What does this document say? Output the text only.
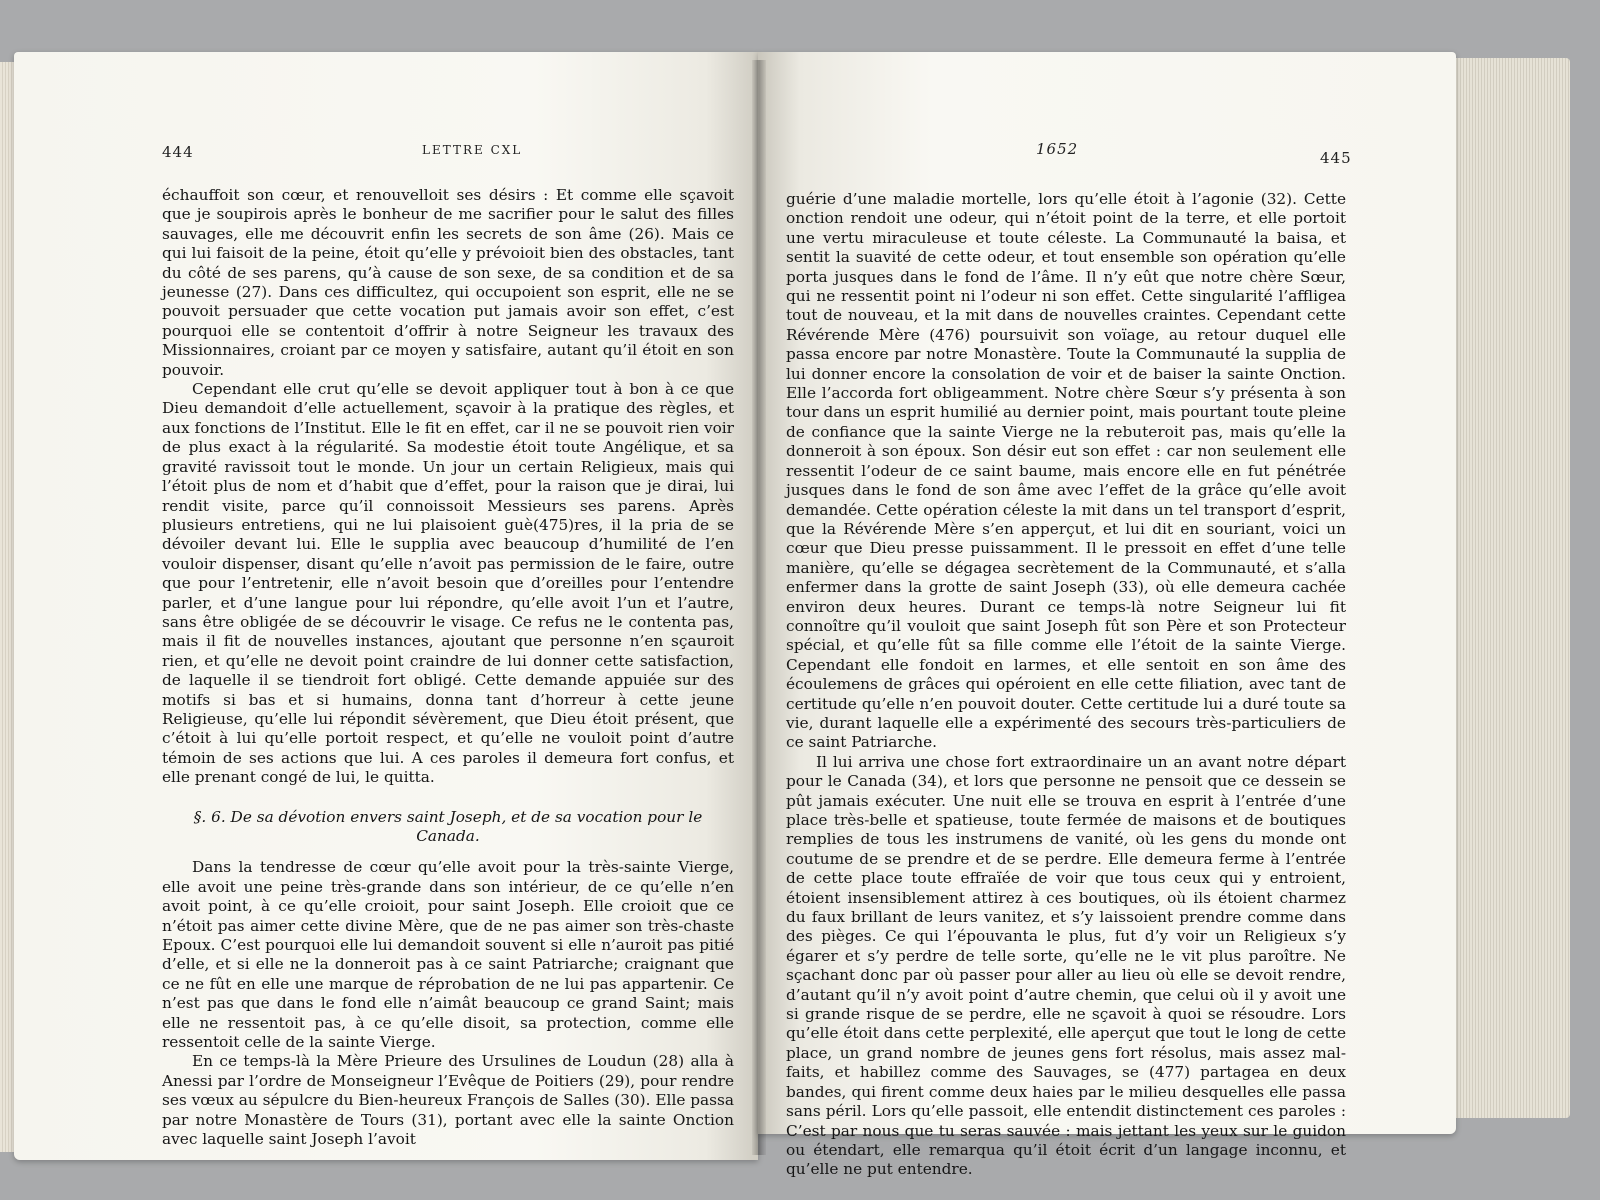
444	LETTRE CXL	1652	445

échauffoit son cœur, et renouvelloit ses désirs : Et comme elle sçavoit que je soupirois après le bonheur de me sacrifier pour le salut des filles sauvages, elle me découvrit enfin les secrets de son âme (26). Mais ce qui lui faisoit de la peine, étoit qu’elle y prévoioit bien des obstacles, tant du côté de ses parens, qu’à cause de son sexe, de sa condition et de sa jeunesse (27). Dans ces difficultez, qui occupoient son esprit, elle ne se pouvoit persuader que cette vocation put jamais avoir son effet, c’est pourquoi elle se contentoit d’offrir à notre Seigneur les travaux des Missionnaires, croiant par ce moyen y satisfaire, autant qu’il étoit en son pouvoir.

Cependant elle crut qu’elle se devoit appliquer tout à bon à ce que Dieu demandoit d’elle actuellement, sçavoir à la pratique des règles, et aux fonctions de l’Institut. Elle le fit en effet, car il ne se pouvoit rien voir de plus exact à la régularité. Sa modestie étoit toute Angélique, et sa gravité ravissoit tout le monde. Un jour un certain Religieux, mais qui l’étoit plus de nom et d’habit que d’effet, pour la raison que je dirai, lui rendit visite, parce qu’il connoissoit Messieurs ses parens. Après plusieurs entretiens, qui ne lui plaisoient guè(475)res, il la pria de se dévoiler devant lui. Elle le supplia avec beaucoup d’humilité de l’en vouloir dispenser, disant qu’elle n’avoit pas permission de le faire, outre que pour l’entretenir, elle n’avoit besoin que d’oreilles pour l’entendre parler, et d’une langue pour lui répondre, qu’elle avoit l’un et l’autre, sans être obligée de se découvrir le visage. Ce refus ne le contenta pas, mais il fit de nouvelles instances, ajoutant que personne n’en sçauroit rien, et qu’elle ne devoit point craindre de lui donner cette satisfaction, de laquelle il se tiendroit fort obligé. Cette demande appuiée sur des motifs si bas et si humains, donna tant d’horreur à cette jeune Religieuse, qu’elle lui répondit sévèrement, que Dieu étoit présent, que c’étoit à lui qu’elle portoit respect, et qu’elle ne vouloit point d’autre témoin de ses actions que lui. A ces paroles il demeura fort confus, et elle prenant congé de lui, le quitta.

§. 6. De sa dévotion envers saint Joseph, et de sa vocation pour le Canada.

Dans la tendresse de cœur qu’elle avoit pour la très-sainte Vierge, elle avoit une peine très-grande dans son intérieur, de ce qu’elle n’en avoit point, à ce qu’elle croioit, pour saint Joseph. Elle croioit que ce n’étoit pas aimer cette divine Mère, que de ne pas aimer son très-chaste Epoux. C’est pourquoi elle lui demandoit souvent si elle n’auroit pas pitié d’elle, et si elle ne la donneroit pas à ce saint Patriarche; craignant que ce ne fût en elle une marque de réprobation de ne lui pas appartenir. Ce n’est pas que dans le fond elle n’aimât beaucoup ce grand Saint; mais elle ne ressentoit pas, à ce qu’elle disoit, sa protection, comme elle ressentoit celle de la sainte Vierge.

En ce temps-là la Mère Prieure des Ursulines de Loudun (28) alla à Anessi par l’ordre de Monseigneur l’Evêque de Poitiers (29), pour rendre ses vœux au sépulcre du Bien-heureux François de Salles (30). Elle passa par notre Monastère de Tours (31), portant avec elle la sainte Onction avec laquelle saint Joseph l’avoit

guérie d’une maladie mortelle, lors qu’elle étoit à l’agonie (32). Cette onction rendoit une odeur, qui n’étoit point de la terre, et elle portoit une vertu miraculeuse et toute céleste. La Communauté la baisa, et sentit la suavité de cette odeur, et tout ensemble son opération qu’elle porta jusques dans le fond de l’âme. Il n’y eût que notre chère Sœur, qui ne ressentit point ni l’odeur ni son effet. Cette singularité l’affligea tout de nouveau, et la mit dans de nouvelles craintes. Cependant cette Révérende Mère (476) poursuivit son voïage, au retour duquel elle passa encore par notre Monastère. Toute la Communauté la supplia de lui donner encore la consolation de voir et de baiser la sainte Onction. Elle l’accorda fort obligeamment. Notre chère Sœur s’y présenta à son tour dans un esprit humilié au dernier point, mais pourtant toute pleine de confiance que la sainte Vierge ne la rebuteroit pas, mais qu’elle la donneroit à son époux. Son désir eut son effet : car non seulement elle ressentit l’odeur de ce saint baume, mais encore elle en fut pénétrée jusques dans le fond de son âme avec l’effet de la grâce qu’elle avoit demandée. Cette opération céleste la mit dans un tel transport d’esprit, que la Révérende Mère s’en apperçut, et lui dit en souriant, voici un cœur que Dieu presse puissamment. Il le pressoit en effet d’une telle manière, qu’elle se dégagea secrètement de la Communauté, et s’alla enfermer dans la grotte de saint Joseph (33), où elle demeura cachée environ deux heures. Durant ce temps-là notre Seigneur lui fit connoître qu’il vouloit que saint Joseph fût son Père et son Protecteur spécial, et qu’elle fût sa fille comme elle l’étoit de la sainte Vierge. Cependant elle fondoit en larmes, et elle sentoit en son âme des écoulemens de grâces qui opéroient en elle cette filiation, avec tant de certitude qu’elle n’en pouvoit douter. Cette certitude lui a duré toute sa vie, durant laquelle elle a expérimenté des secours très-particuliers de ce saint Patriarche.

Il lui arriva une chose fort extraordinaire un an avant notre départ pour le Canada (34), et lors que personne ne pensoit que ce dessein se pût jamais exécuter. Une nuit elle se trouva en esprit à l’entrée d’une place très-belle et spatieuse, toute fermée de maisons et de boutiques remplies de tous les instrumens de vanité, où les gens du monde ont coutume de se prendre et de se perdre. Elle demeura ferme à l’entrée de cette place toute effraïée de voir que tous ceux qui y entroient, étoient insensiblement attirez à ces boutiques, où ils étoient charmez du faux brillant de leurs vanitez, et s’y laissoient prendre comme dans des pièges. Ce qui l’épouvanta le plus, fut d’y voir un Religieux s’y égarer et s’y perdre de telle sorte, qu’elle ne le vit plus paroître. Ne sçachant donc par où passer pour aller au lieu où elle se devoit rendre, d’autant qu’il n’y avoit point d’autre chemin, que celui où il y avoit une si grande risque de se perdre, elle ne sçavoit à quoi se résoudre. Lors qu’elle étoit dans cette perplexité, elle aperçut que tout le long de cette place, un grand nombre de jeunes gens fort résolus, mais assez mal-faits, et habillez comme des Sauvages, se (477) partagea en deux bandes, qui firent comme deux haies par le milieu desquelles elle passa sans péril. Lors qu’elle passoit, elle entendit distinctement ces paroles : C’est par nous que tu seras sauvée : mais jettant les yeux sur le guidon ou étendart, elle remarqua qu’il étoit écrit d’un langage inconnu, et qu’elle ne put entendre.
